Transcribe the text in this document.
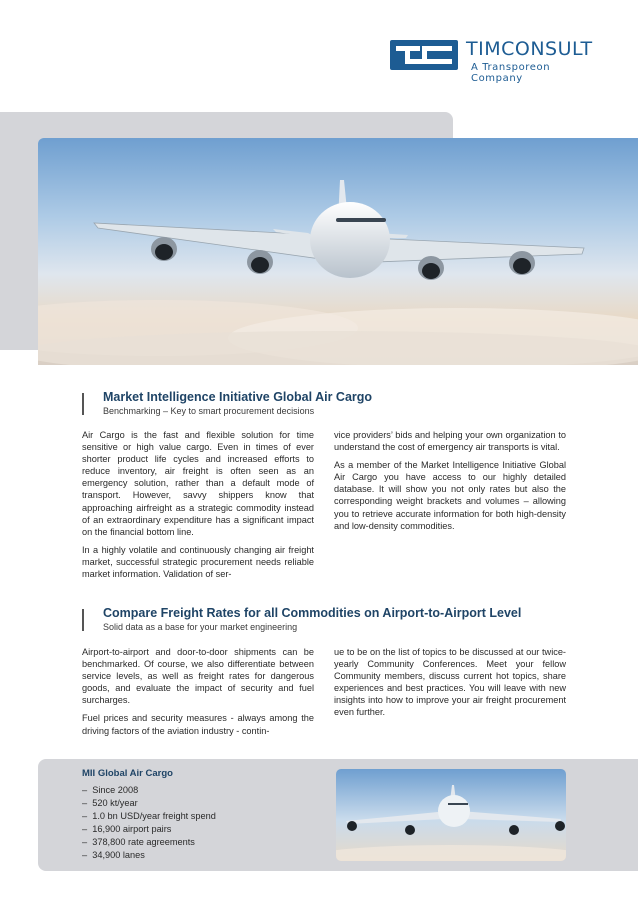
TIMCONSULT
A Transporeon Company
Market Intelligence Initiative Global Air Cargo
Benchmarking – Key to smart procurement decisions

Air Cargo is the fast and flexible solution for time sensitive or high value cargo. Even in times of ever shorter product life cycles and increased efforts to reduce inventory, air freight is often seen as an emergency solution, rather than a default mode of transport. However, savvy shippers know that approaching airfreight as a strategic commodity instead of an extraordinary expenditure has a significant impact on the financial bottom line.

In a highly volatile and continuously changing air freight market, successful strategic procurement needs reliable market information. Validation of ser-

vice providers’ bids and helping your own organization to understand the cost of emergency air transports is vital.

As a member of the Market Intelligence Initiative Global Air Cargo you have access to our highly detailed database. It will show you not only rates but also the corresponding weight brackets and volumes – allowing you to retrieve accurate information for both high-density and low-density commodities.

Compare Freight Rates for all Commodities on Airport-to-Airport Level
Solid data as a base for your market engineering

Airport-to-airport and door-to-door shipments can be benchmarked. Of course, we also differentiate between service levels, as well as freight rates for dangerous goods, and evaluate the impact of security and fuel surcharges.

Fuel prices and security measures - always among the driving factors of the aviation industry - contin-

ue to be on the list of topics to be discussed at our twice-yearly Community Conferences. Meet your fellow Community members, discuss current hot topics, share experiences and best practices. You will leave with new insights into how to improve your air freight procurement even further.

MII Global Air Cargo
–  Since 2008
–  520 kt/year
–  1.0 bn USD/year freight spend
–  16,900 airport pairs
–  378,800 rate agreements
–  34,900 lanes
